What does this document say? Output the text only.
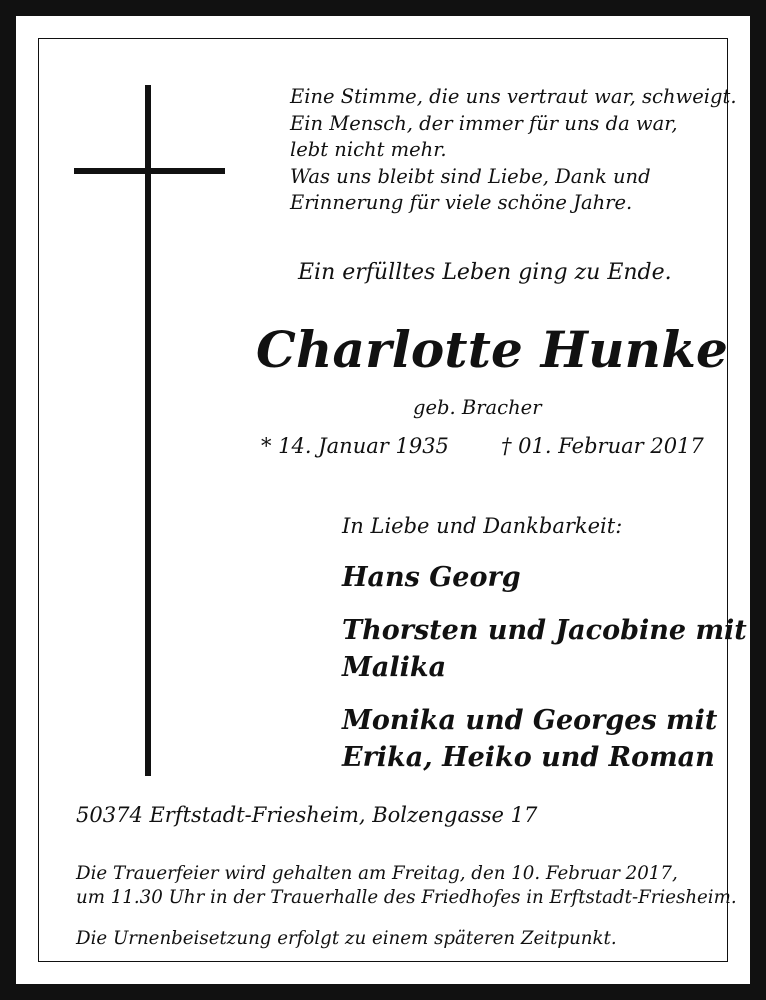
Eine Stimme, die uns vertraut war, schweigt.
Ein Mensch, der immer für uns da war,
lebt nicht mehr.
Was uns bleibt sind Liebe, Dank und
Erinnerung für viele schöne Jahre.
Ein erfülltes Leben ging zu Ende.
Charlotte Hunke
geb. Bracher
* 14. Januar 1935 † 01. Februar 2017
In Liebe und Dankbarkeit:
Hans Georg
Thorsten und Jacobine mit
Malika
Monika und Georges mit
Erika, Heiko und Roman
50374 Erftstadt-Friesheim, Bolzengasse 17
Die Trauerfeier wird gehalten am Freitag, den 10. Februar 2017,
um 11.30 Uhr in der Trauerhalle des Friedhofes in Erftstadt-Friesheim.
Die Urnenbeisetzung erfolgt zu einem späteren Zeitpunkt.
